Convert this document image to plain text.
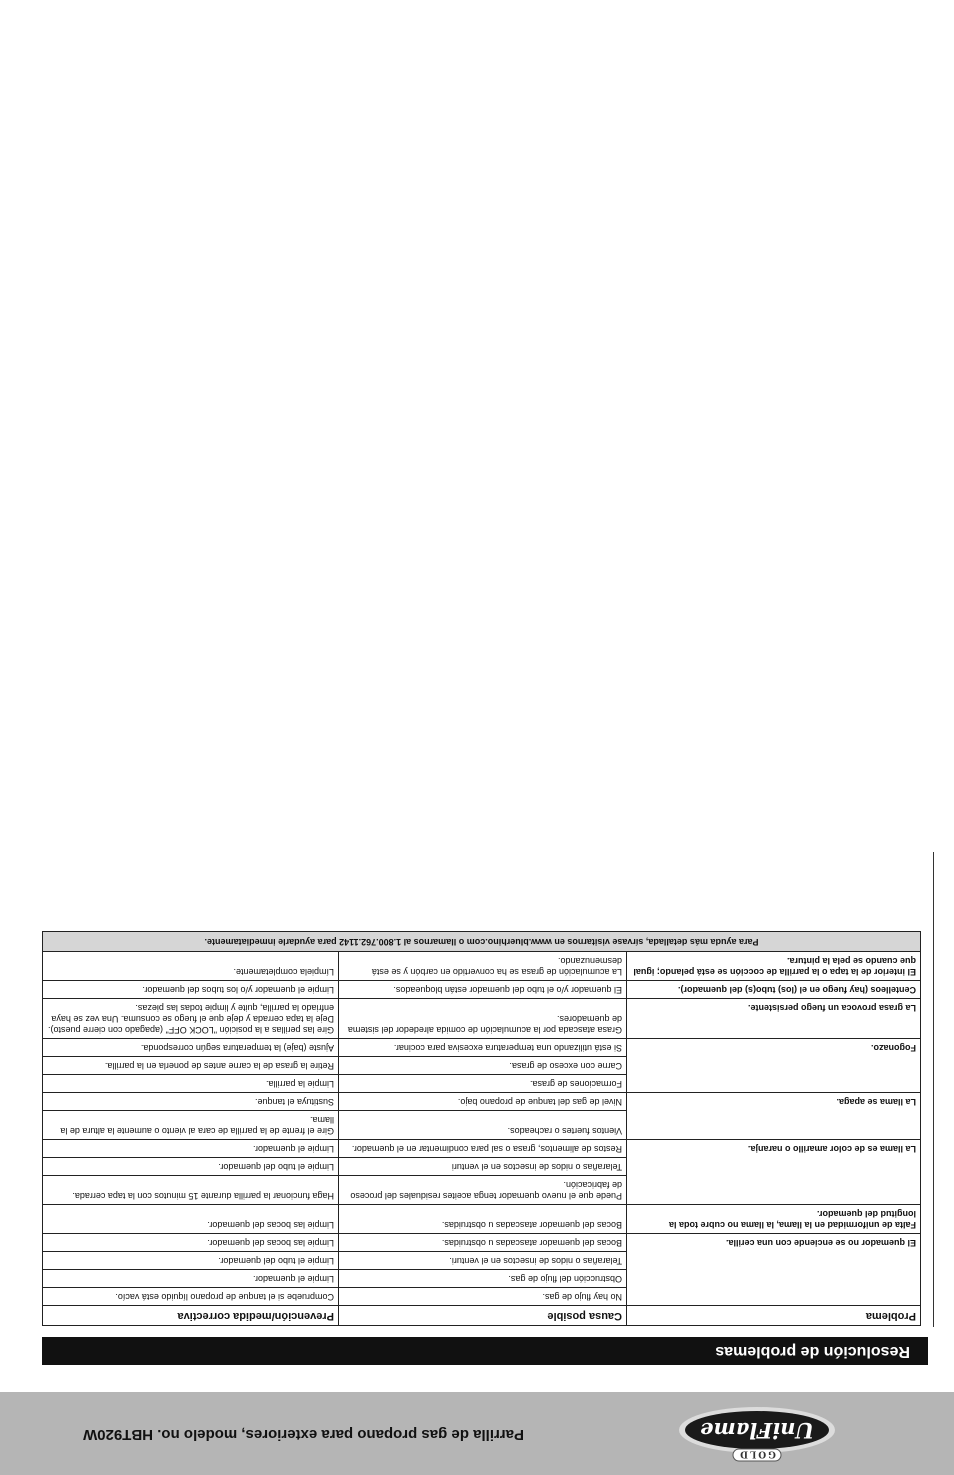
UniFlame
GOLD
Parrilla de gas propano para exteriores, modelo no. HBT920W
Resolución de problemas
Problema	Causa posible	Prevención/medida correctiva
El quemador no se enciende con una cerilla.	No hay flujo de gas.	Compruebe si el tanque de propano líquido está vacío.
	Obstrucción del flujo de gas.	Limpie el quemador.
	Telarañas o nidos de insectos en el venturi.	Limpie el tubo del quemador.
	Bocas del quemador atascadas u obstruidas.	Limpie las bocas del quemador.
Falta de uniformidad en la llama, la llama no cubre toda la longitud del quemador.	Bocas del quemador atascadas u obstruidas.	Limpie las bocas del quemador.
La llama es de color amarillo o naranja.	Puede que el nuevo quemador tenga aceites residuales del proceso de fabricación.	Haga funcionar la parrilla durante 15 minutos con la tapa cerrada.
	Telarañas o nidos de insectos en el venturi	Limpie el tubo del quemador.
	Restos de alimentos, grasa o sal para condimentar en el quemador.	Limpie el quemador.
La llama se apaga.	Vientos fuertes o racheados.	Gire el frente de la parrilla de cara al viento o aumente la altura de la llama.
	Nivel de gas del tanque de propano bajo.	Sustituya el tanque.
Fogonazo.	Formaciones de grasa.	Limpie la parrilla.
	Carne con exceso de grasa.	Retire la grasa de la carne antes de ponerla en la parrilla.
	Si está utilizando una temperatura excesiva para cocinar.	Ajuste (baje) la temperatura según corresponda.
La grasa provoca un fuego persistente.	Grasa atascada por la acumulación de comida alrededor del sistema de quemadores.	Gire las perillas a la posición "LOCK OFF" (apagado con cierre puesto). Deje la tapa cerrada y deje que el fuego se consuma. Una vez se haya enfriado la parrilla, quite y limpie todas las piezas.
Centelleos (hay fuego en el (los) tubo(s) del quemador).	El quemador y/o el tubo del quemador están bloqueados.	Limpie el quemador y/o los tubos del quemador.
El interior de la tapa o la parrilla de cocción se está pelando; igual que cuando se pela la pintura.	La acumulación de grasa se ha convertido en carbón y se está desmenuzando.	Límpiela completamente.
Para ayuda más detallada, sírvase visitarnos en www.bluerhino.com o llamarnos al 1.800.762.1142 para ayudarle inmediatamente.		
